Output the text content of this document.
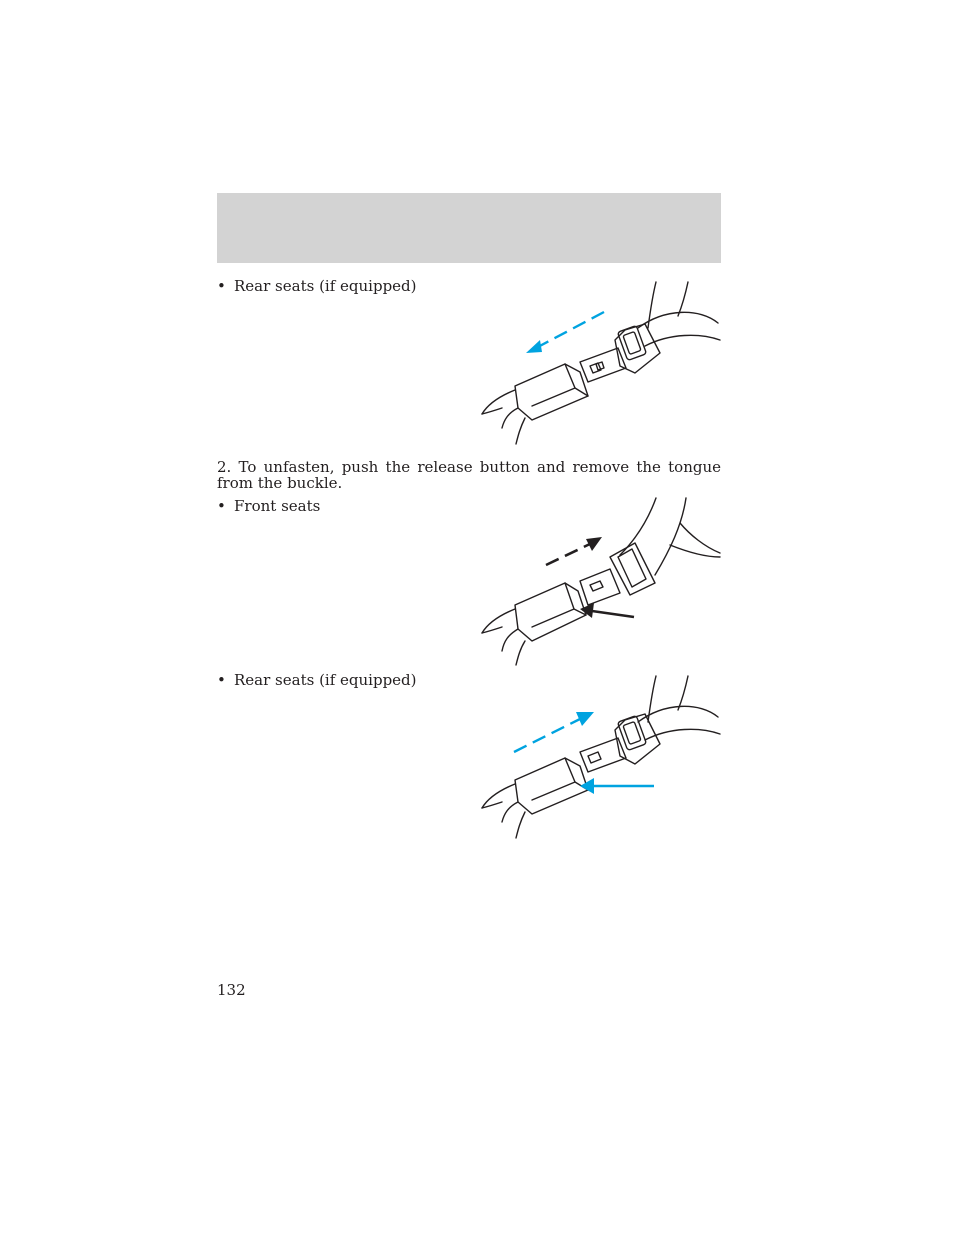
• Rear seats (if equipped)
2. To unfasten, push the release button and remove the tongue from the buckle.
• Front seats
• Rear seats (if equipped)
132
